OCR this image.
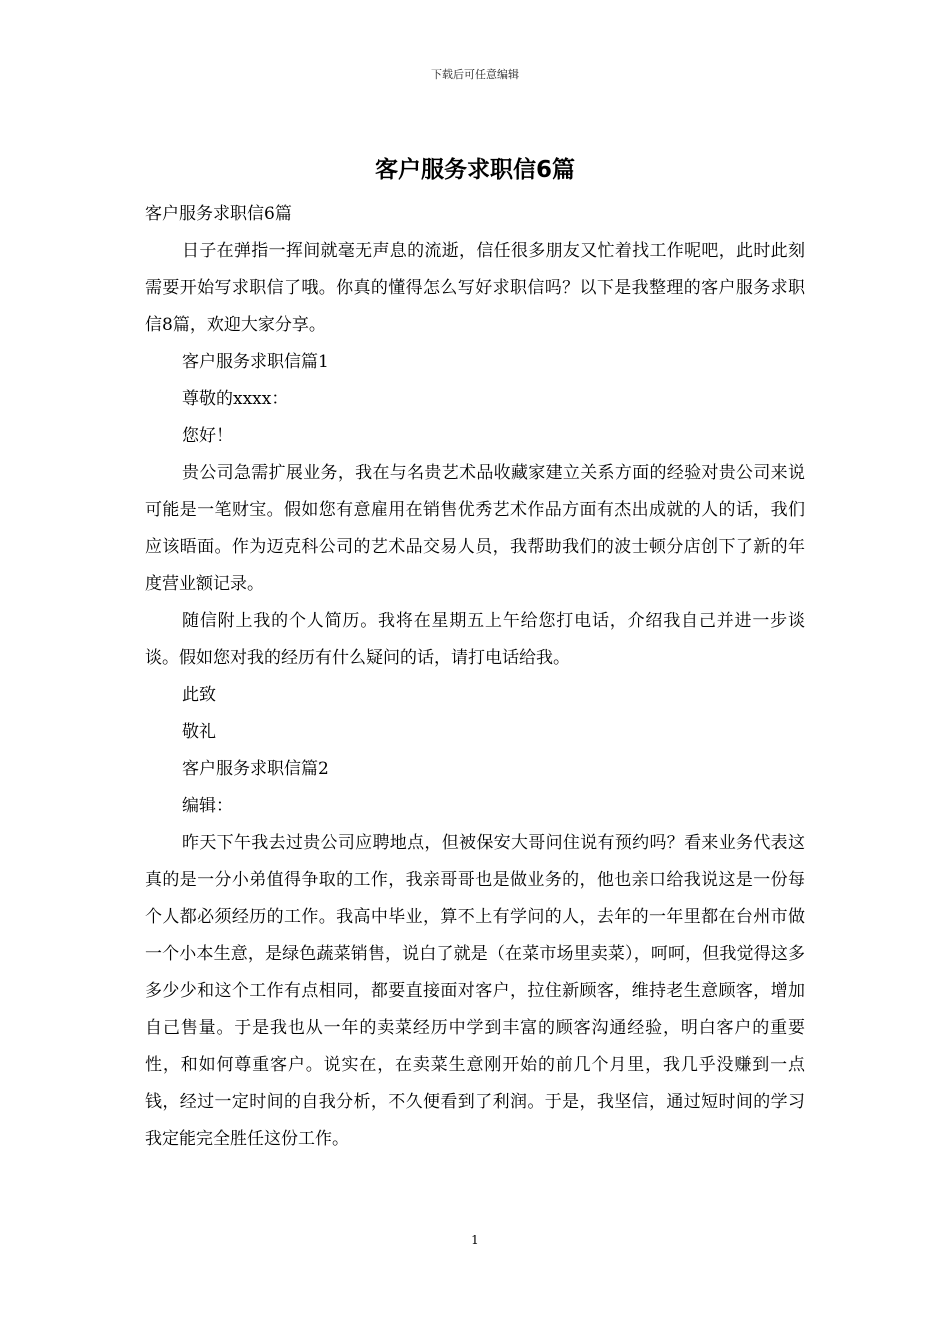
下载后可任意编辑
客户服务求职信6篇

客户服务求职信6篇

日子在弹指一挥间就毫无声息的流逝，信任很多朋友又忙着找工作呢吧，此时此刻需要开始写求职信了哦。你真的懂得怎么写好求职信吗？以下是我整理的客户服务求职信8篇，欢迎大家分享。

客户服务求职信篇1

尊敬的xxxx：

您好！

贵公司急需扩展业务，我在与名贵艺术品收藏家建立关系方面的经验对贵公司来说可能是一笔财宝。假如您有意雇用在销售优秀艺术作品方面有杰出成就的人的话，我们应该晤面。作为迈克科公司的艺术品交易人员，我帮助我们的波士顿分店创下了新的年度营业额记录。

随信附上我的个人简历。我将在星期五上午给您打电话，介绍我自己并进一步谈谈。假如您对我的经历有什么疑问的话，请打电话给我。

此致

敬礼

客户服务求职信篇2

编辑：

昨天下午我去过贵公司应聘地点，但被保安大哥问住说有预约吗？看来业务代表这真的是一分小弟值得争取的工作，我亲哥哥也是做业务的，他也亲口给我说这是一份每个人都必须经历的工作。我高中毕业，算不上有学问的人，去年的一年里都在台州市做一个小本生意，是绿色蔬菜销售，说白了就是（在菜市场里卖菜），呵呵，但我觉得这多多少少和这个工作有点相同，都要直接面对客户，拉住新顾客，维持老生意顾客，增加自己售量。于是我也从一年的卖菜经历中学到丰富的顾客沟通经验，明白客户的重要性，和如何尊重客户。说实在，在卖菜生意刚开始的前几个月里，我几乎没赚到一点钱，经过一定时间的自我分析，不久便看到了利润。于是，我坚信，通过短时间的学习我定能完全胜任这份工作。

1
